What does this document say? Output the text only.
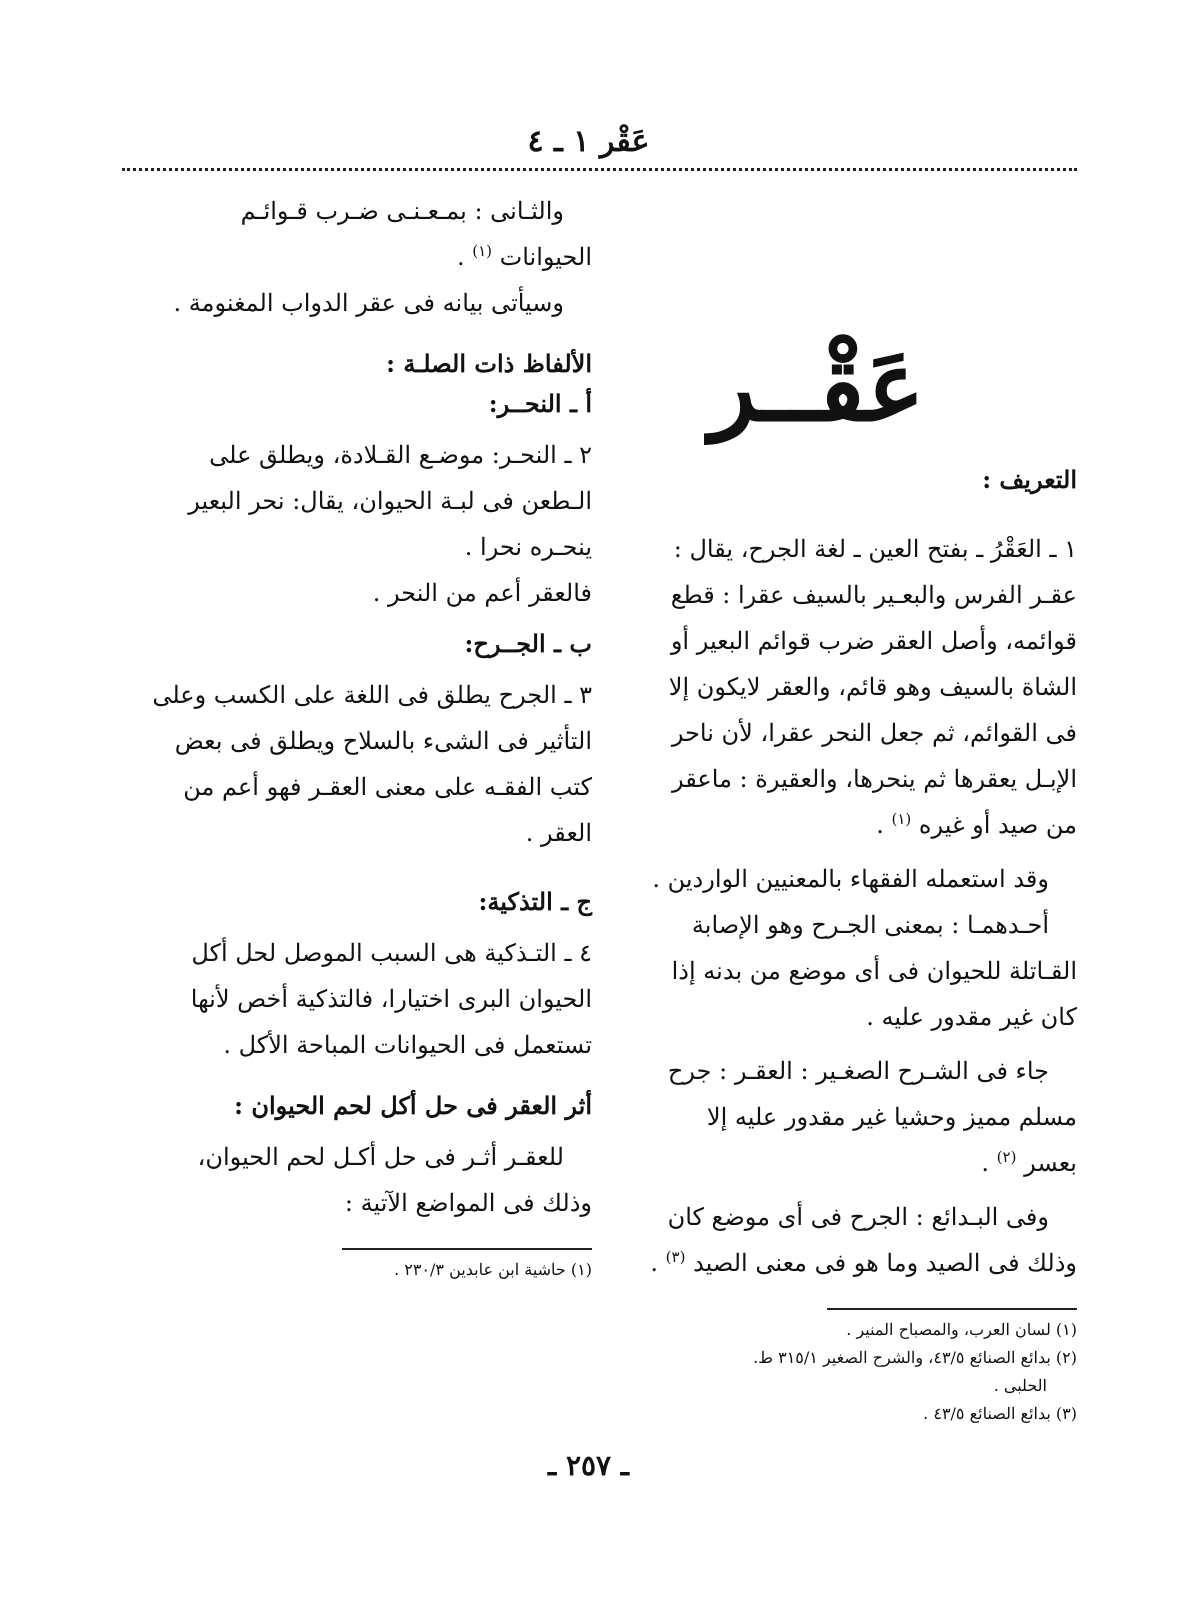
عَقْر ١ ـ ٤
عَقْــر

التعريف :

١ ـ العَقْرُ ـ بفتح العين ـ لغة الجرح، يقال :

عقـر الفرس والبعـير بالسيف عقرا : قطع

قوائمه، وأصل العقر ضرب قوائم البعير أو

الشاة بالسيف وهو قائم، والعقر لايكون إلا

فى القوائم، ثم جعل النحر عقرا، لأن ناحر

الإبـل يعقرها ثم ينحرها، والعقيرة : ماعقر

من صيد أو غيره $^{(١)}$ .

وقد استعمله الفقهاء بالمعنيين الواردين .

أحـدهمـا : بمعنى الجـرح وهو الإصابة

القـاتلة للحيوان فى أى موضع من بدنه إذا

كان غير مقدور عليه .

جاء فى الشـرح الصغـير : العقـر : جرح

مسلم مميز وحشيا غير مقدور عليه إلا

بعسر $^{(٢)}$ .

وفى البـدائع : الجرح فى أى موضع كان

وذلك فى الصيد وما هو فى معنى الصيد $^{(٣)}$ .

(١) لسان العرب، والمصباح المنير .

(٢) بدائع الصنائع ٤٣/٥، والشرح الصغير ٣١٥/١ ط.

الحلبى .

(٣) بدائع الصنائع ٤٣/٥ .

والثـانى : بمـعـنـى ضـرب قـوائـم

الحيوانات $^{(١)}$ .

وسيأتى بيانه فى عقر الدواب المغنومة .

الألفاظ ذات الصلـة :

أ ـ النحــر:

٢ ـ النحـر: موضـع القـلادة، ويطلق على

الـطعن فى لبـة الحيوان، يقال: نحر البعير

ينحـره نحرا .

فالعقر أعم من النحر .

ب ـ الجــرح:

٣ ـ الجرح يطلق فى اللغة على الكسب وعلى

التأثير فى الشىء بالسلاح ويطلق فى بعض

كتب الفقـه على معنى العقـر فهو أعم من

العقر .

ج ـ التذكية:

٤ ـ التـذكية هى السبب الموصل لحل أكل

الحيوان البرى اختيارا، فالتذكية أخص لأنها

تستعمل فى الحيوانات المباحة الأكل .

أثر العقر فى حل أكل لحم الحيوان :

للعقـر أثـر فى حل أكـل لحم الحيوان،

وذلك فى المواضع الآتية :

(١) حاشية ابن عابدين ٢٣٠/٣ .

ـ ٢٥٧ ـ
